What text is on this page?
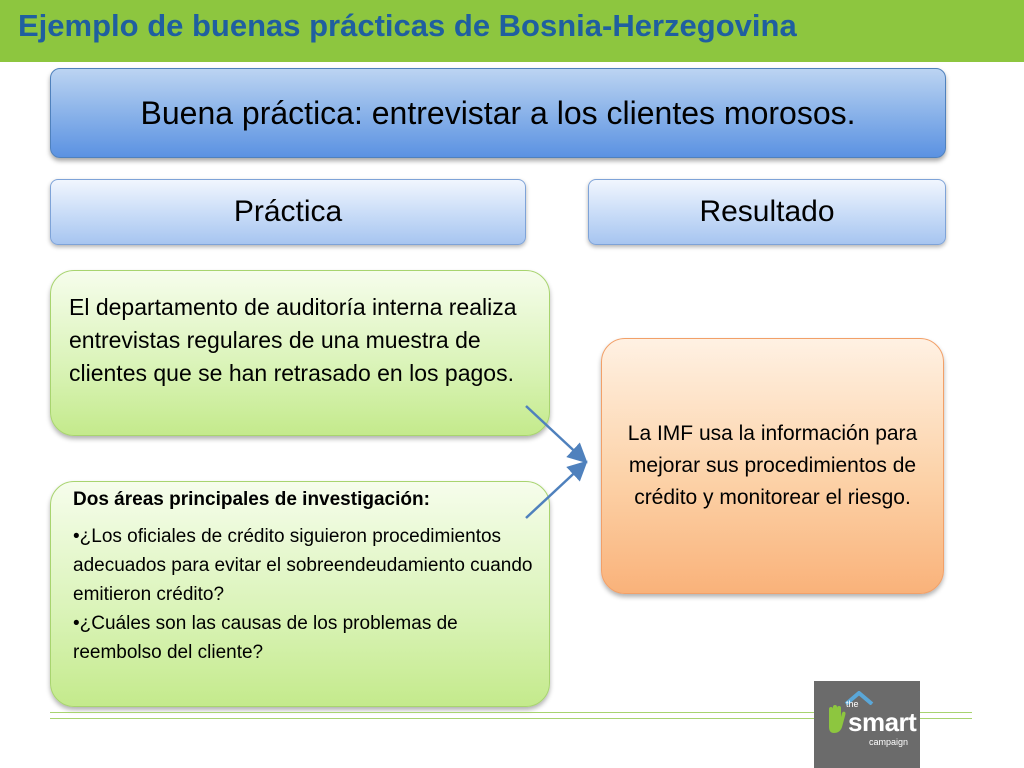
Ejemplo de buenas prácticas de Bosnia-Herzegovina
Buena práctica: entrevistar a los clientes morosos.
Práctica	Resultado

El departamento de auditoría interna realiza entrevistas regulares de una muestra de clientes que se han retrasado en los pagos.

Dos áreas principales de investigación:
•¿Los oficiales de crédito siguieron procedimientos adecuados para evitar el sobreendeudamiento cuando emitieron crédito?
•¿Cuáles son las causas de los problemas de reembolso del cliente?
La IMF usa la información para mejorar sus procedimientos de crédito y monitorear el riesgo.
the
smart
campaign
